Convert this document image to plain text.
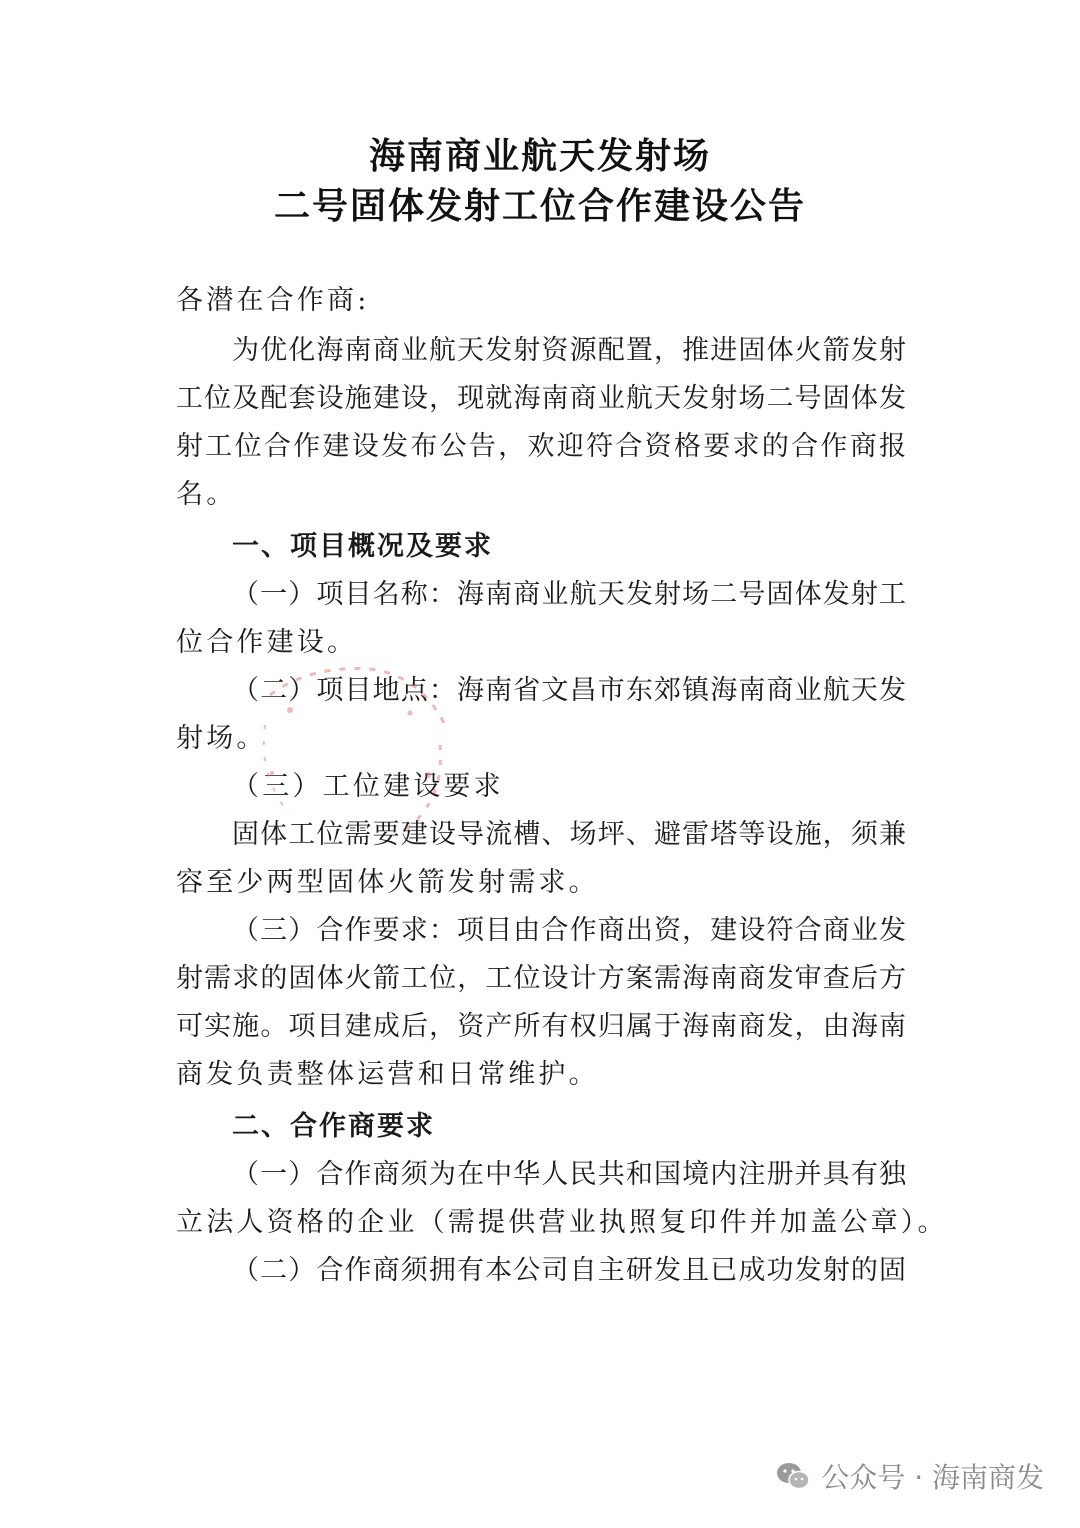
海南商业航天发射场
二号固体发射工位合作建设公告
各潜在合作商:
为优化海南商业航天发射资源配置，推进固体火箭发射
工位及配套设施建设，现就海南商业航天发射场二号固体发
射工位合作建设发布公告，欢迎符合资格要求的合作商报
名。
一、项目概况及要求
（一）项目名称：海南商业航天发射场二号固体发射工
位合作建设。
（二）项目地点：海南省文昌市东郊镇海南商业航天发
射场。
（三）工位建设要求
固体工位需要建设导流槽、场坪、避雷塔等设施，须兼
容至少两型固体火箭发射需求。
（三）合作要求：项目由合作商出资，建设符合商业发
射需求的固体火箭工位，工位设计方案需海南商发审查后方
可实施。项目建成后，资产所有权归属于海南商发，由海南
商发负责整体运营和日常维护。
二、合作商要求
（一）合作商须为在中华人民共和国境内注册并具有独
立法人资格的企业（需提供营业执照复印件并加盖公章）。
（二）合作商须拥有本公司自主研发且已成功发射的固
公众号 · 海南商发
